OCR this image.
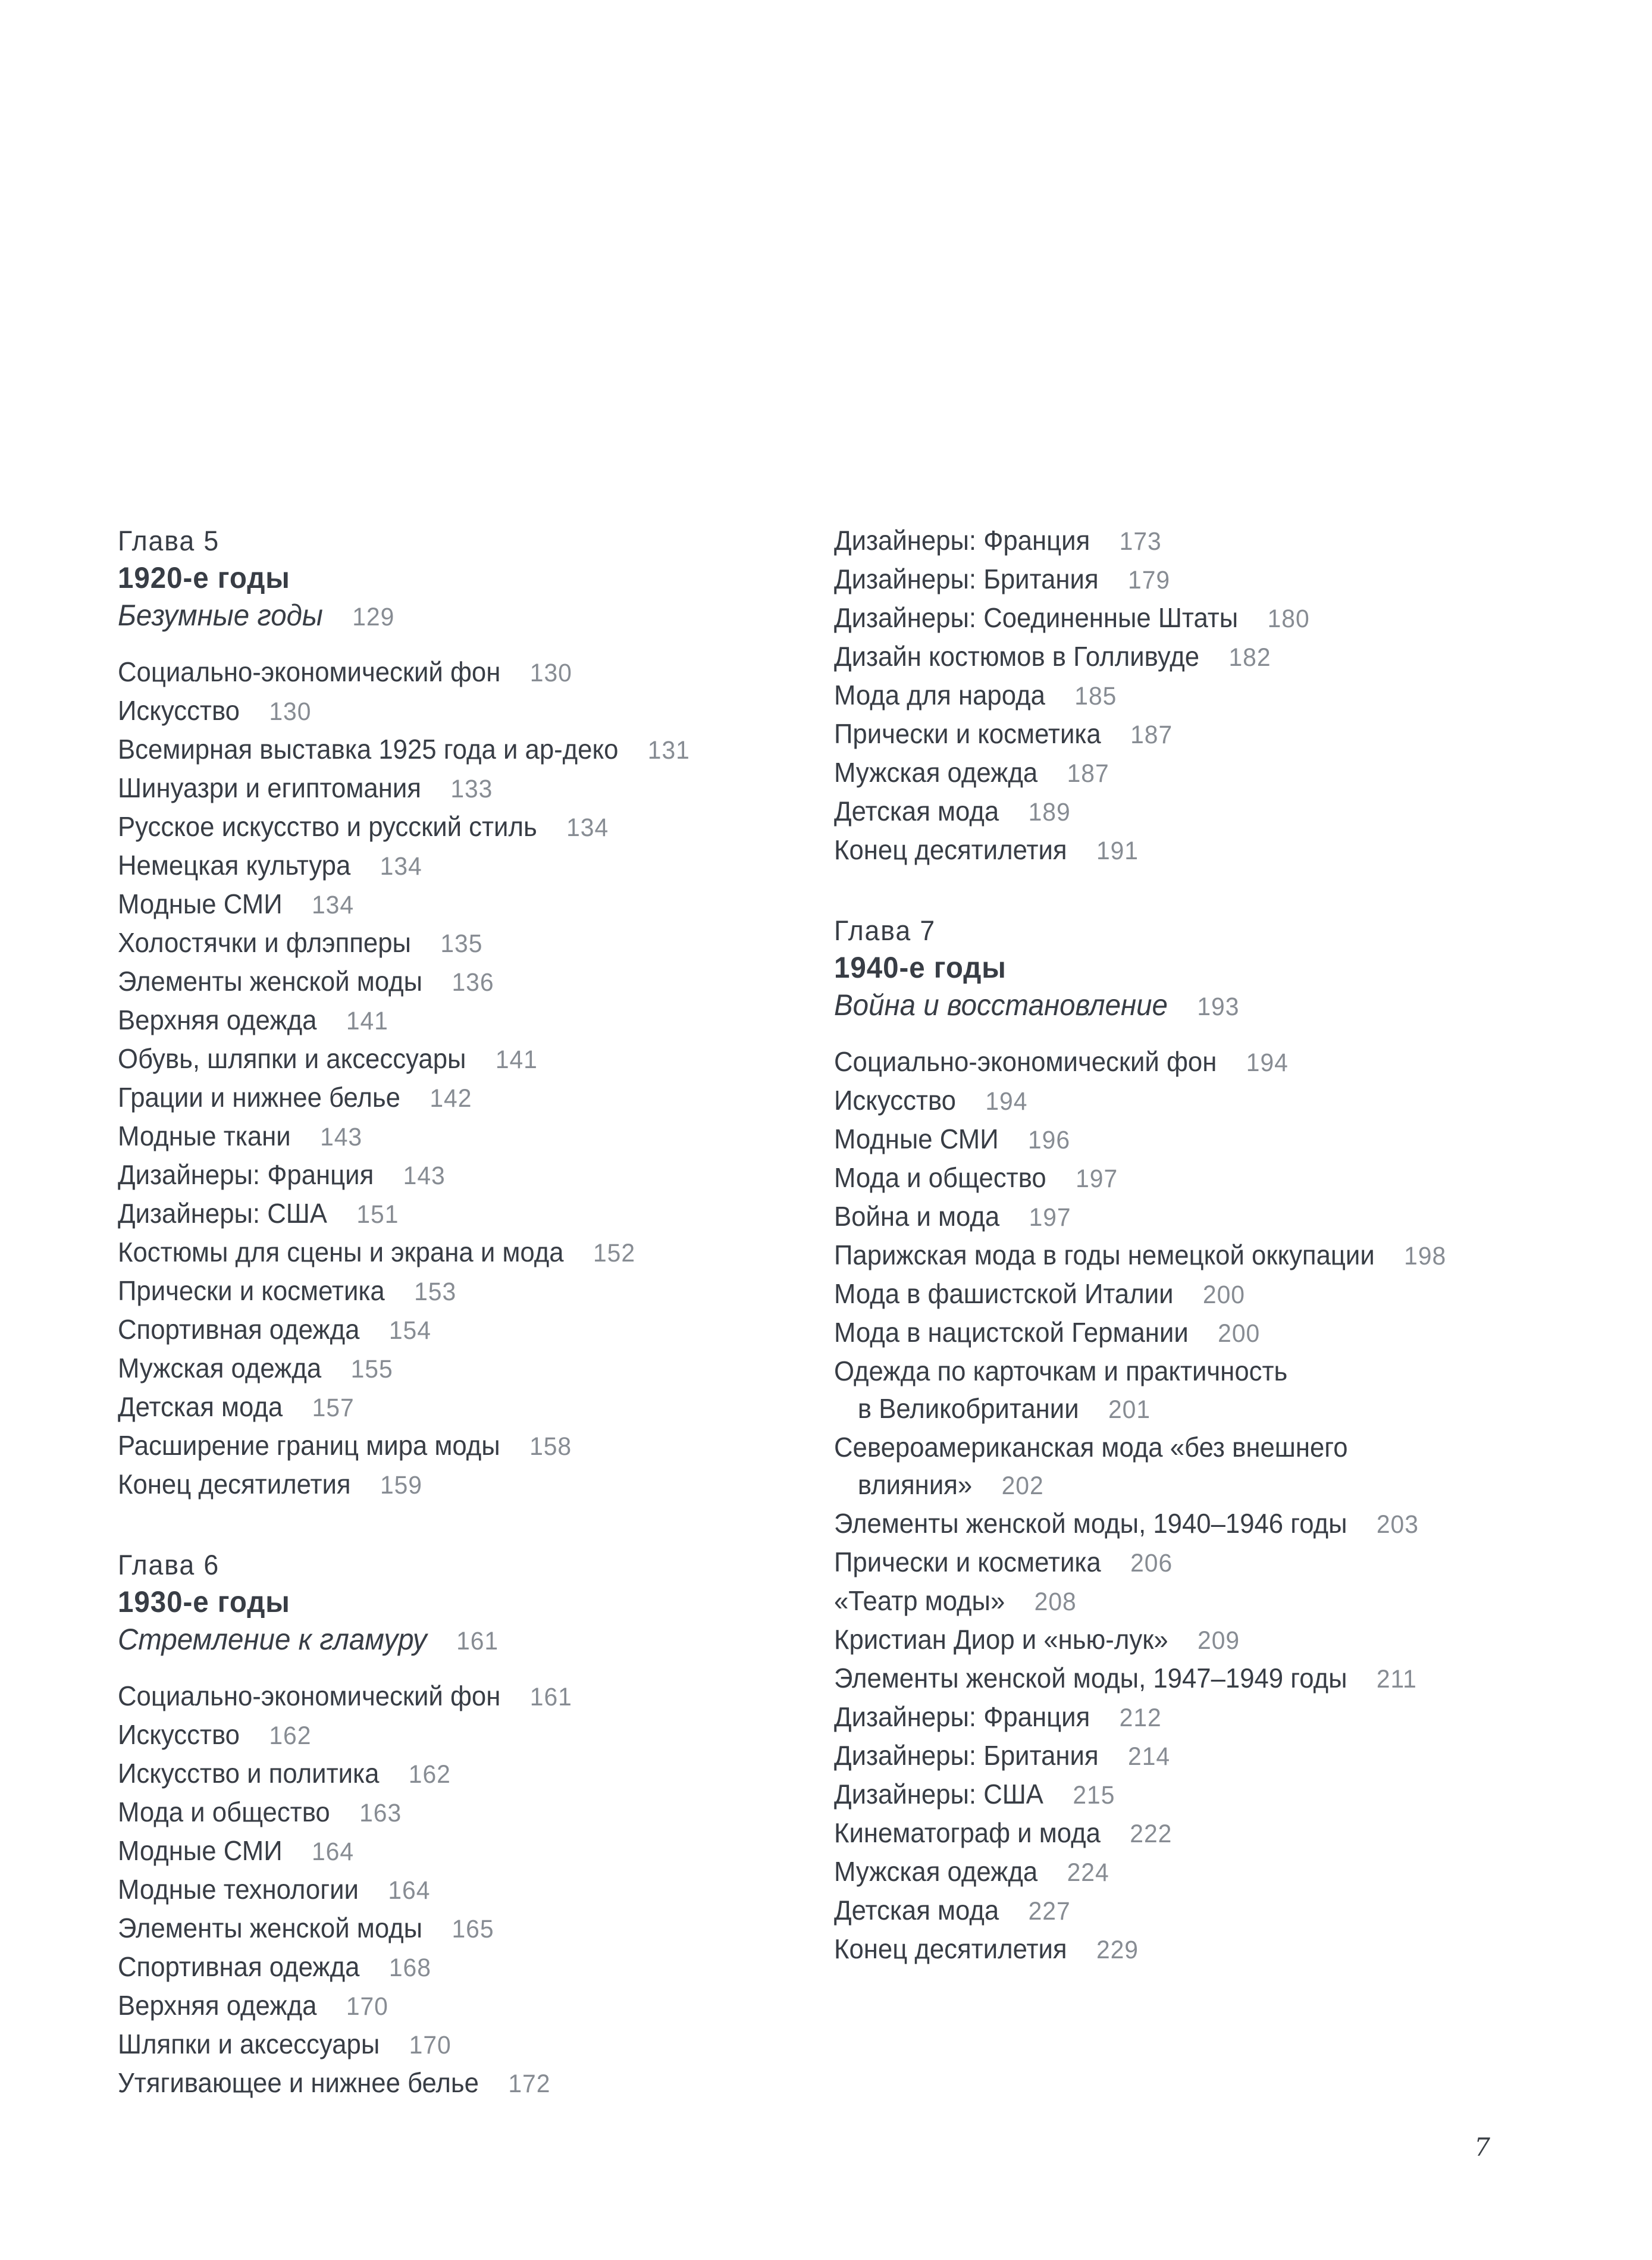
Глава 5
1920-е годы
Безумные годы 129
Социально-экономический фон 130
Искусство 130
Всемирная выставка 1925 года и ар-деко 131
Шинуазри и египтомания 133
Русское искусство и русский стиль 134
Немецкая культура 134
Модные СМИ 134
Холостячки и флэпперы 135
Элементы женской моды 136
Верхняя одежда 141
Обувь, шляпки и аксессуары 141
Грации и нижнее белье 142
Модные ткани 143
Дизайнеры: Франция 143
Дизайнеры: США 151
Костюмы для сцены и экрана и мода 152
Прически и косметика 153
Спортивная одежда 154
Мужская одежда 155
Детская мода 157
Расширение границ мира моды 158
Конец десятилетия 159
Глава 6
1930-е годы
Стремление к гламуру 161
Социально-экономический фон 161
Искусство 162
Искусство и политика 162
Мода и общество 163
Модные СМИ 164
Модные технологии 164
Элементы женской моды 165
Спортивная одежда 168
Верхняя одежда 170
Шляпки и аксессуары 170
Утягивающее и нижнее белье 172
Дизайнеры: Франция 173
Дизайнеры: Британия 179
Дизайнеры: Соединенные Штаты 180
Дизайн костюмов в Голливуде 182
Мода для народа 185
Прически и косметика 187
Мужская одежда 187
Детская мода 189
Конец десятилетия 191
Глава 7
1940-е годы
Война и восстановление 193
Социально-экономический фон 194
Искусство 194
Модные СМИ 196
Мода и общество 197
Война и мода 197
Парижская мода в годы немецкой оккупации 198
Мода в фашистской Италии 200
Мода в нацистской Германии 200
Одежда по карточкам и практичность
в Великобритании 201
Североамериканская мода «без внешнего
влияния» 202
Элементы женской моды, 1940–1946 годы 203
Прически и косметика 206
«Театр моды» 208
Кристиан Диор и «нью-лук» 209
Элементы женской моды, 1947–1949 годы 211
Дизайнеры: Франция 212
Дизайнеры: Британия 214
Дизайнеры: США 215
Кинематограф и мода 222
Мужская одежда 224
Детская мода 227
Конец десятилетия 229
7
